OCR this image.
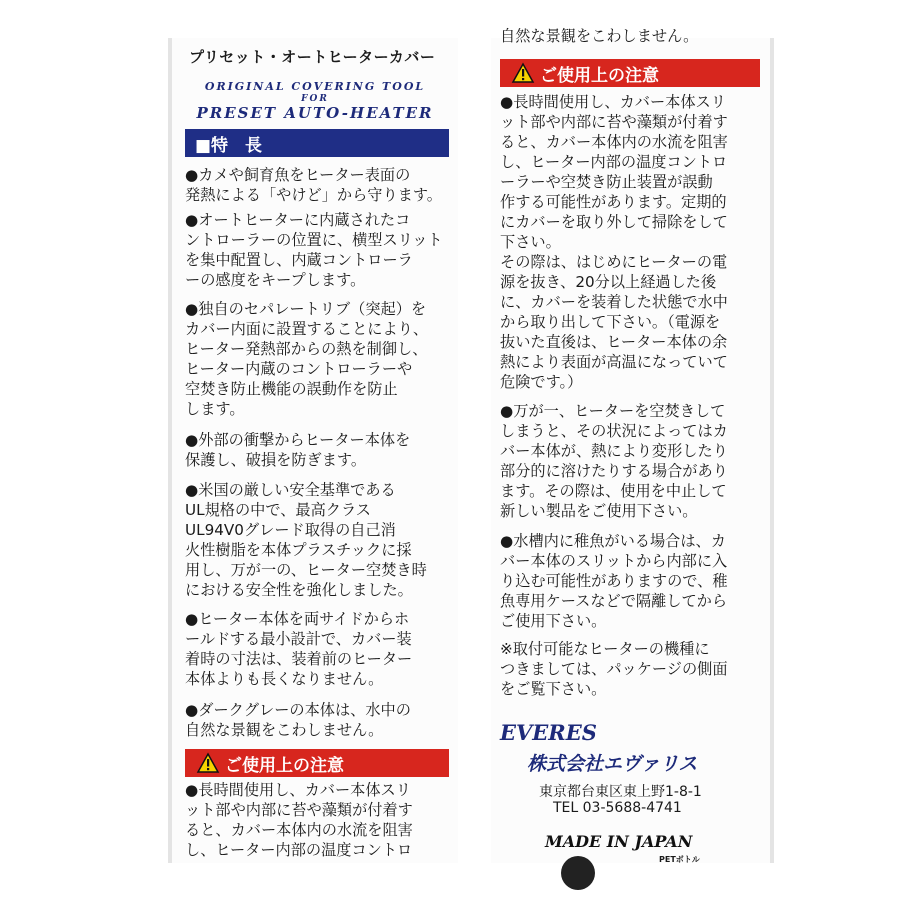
プリセット・オートヒーターカバー
ORIGINAL COVERING TOOL
FOR
PRESET AUTO-HEATER
■特　長
●カメや飼育魚をヒーター表面の
発熱による「やけど」から守ります。
●オートヒーターに内蔵されたコ
ントローラーの位置に、横型スリット
を集中配置し、内蔵コントローラ
ーの感度をキープします。
●独自のセパレートリブ（突起）を
カバー内面に設置することにより、
ヒーター発熱部からの熱を制御し、
ヒーター内蔵のコントローラーや
空焚き防止機能の誤動作を防止
します。
●外部の衝撃からヒーター本体を
保護し、破損を防ぎます。
●米国の厳しい安全基準である
UL規格の中で、最高クラス
UL94V0グレード取得の自己消
火性樹脂を本体プラスチックに採
用し、万が一の、ヒーター空焚き時
における安全性を強化しました。
●ヒーター本体を両サイドからホ
ールドする最小設計で、カバー装
着時の寸法は、装着前のヒーター
本体よりも長くなりません。
●ダークグレーの本体は、水中の
自然な景観をこわしません。
ご使用上の注意
●長時間使用し、カバー本体スリ
ット部や内部に苔や藻類が付着す
ると、カバー本体内の水流を阻害
し、ヒーター内部の温度コントロ
自然な景観をこわしません。
ご使用上の注意
●長時間使用し、カバー本体スリ
ット部や内部に苔や藻類が付着す
ると、カバー本体内の水流を阻害
し、ヒーター内部の温度コントロ
ーラーや空焚き防止装置が誤動
作する可能性があります。定期的
にカバーを取り外して掃除をして
下さい。
その際は、はじめにヒーターの電
源を抜き、20分以上経過した後
に、カバーを装着した状態で水中
から取り出して下さい。（電源を
抜いた直後は、ヒーター本体の余
熱により表面が高温になっていて
危険です。）
●万が一、ヒーターを空焚きして
しまうと、その状況によってはカ
バー本体が、熱により変形したり
部分的に溶けたりする場合があり
ます。その際は、使用を中止して
新しい製品をご使用下さい。
●水槽内に稚魚がいる場合は、カ
バー本体のスリットから内部に入
り込む可能性がありますので、稚
魚専用ケースなどで隔離してから
ご使用下さい。
※取付可能なヒーターの機種に
つきましては、パッケージの側面
をご覧下さい。
EVERES
株式会社エヴァリス
東京都台東区東上野1-8-1
TEL 03-5688-4741
MADE IN JAPAN
PETボトル
